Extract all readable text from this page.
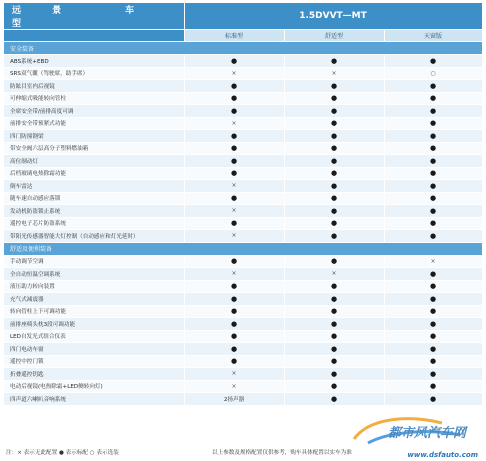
远 景 车 型	1.5DVVT—MT		
	标准型	舒适型	天窗版
安全装备			
ABS系统+EBD	●	●	●
SRS双气囊（驾驶席，助手席）	×	×	○
防眩目室内后视镜	●	●	●
可伸缩式吸能转向管柱	●	●	●
全席安全带/前排高度可调	●	●	●
前排安全带预紧式功能	×	●	●
四门防撞钢梁	●	●	●
带安全阀六层高分子塑料燃油箱	●	●	●
高位制动灯	●	●	●
后档玻璃电热除霜功能	●	●	●
倒车雷达	×	●	●
随车速自动感应落锁	●	●	●
发动机防盗锁止系统	×	●	●
遥控电子芯片防盗系统	●	●	●
带阳光传感器智能大灯控制（自动感应和灯光延时）	×	●	●
舒适及便利装备			
手动调节空调	●	●	×
全自动恒温空调系统	×	×	●
液压助力转向装置	●	●	●
充气式减震器	●	●	●
转向管柱上下可调功能	●	●	●
前排座椅头枕3段可调功能	●	●	●
LED自发光式组合仪表	●	●	●
四门电动车窗	●	●	●
遥控中控门锁	●	●	●
折叠遥控钥匙	×	●	●
电动后视镜(电热除霜+LED侧转向灯)	×	●	●
四声道六喇叭音响系统	2扬声器	●	●
注：× 表示无此配置 ● 表示标配 ○ 表示选装	以上参数及规格配置仅供参考，购车具体配置以实车为准
都市风汽车网
www.dsfauto.com
